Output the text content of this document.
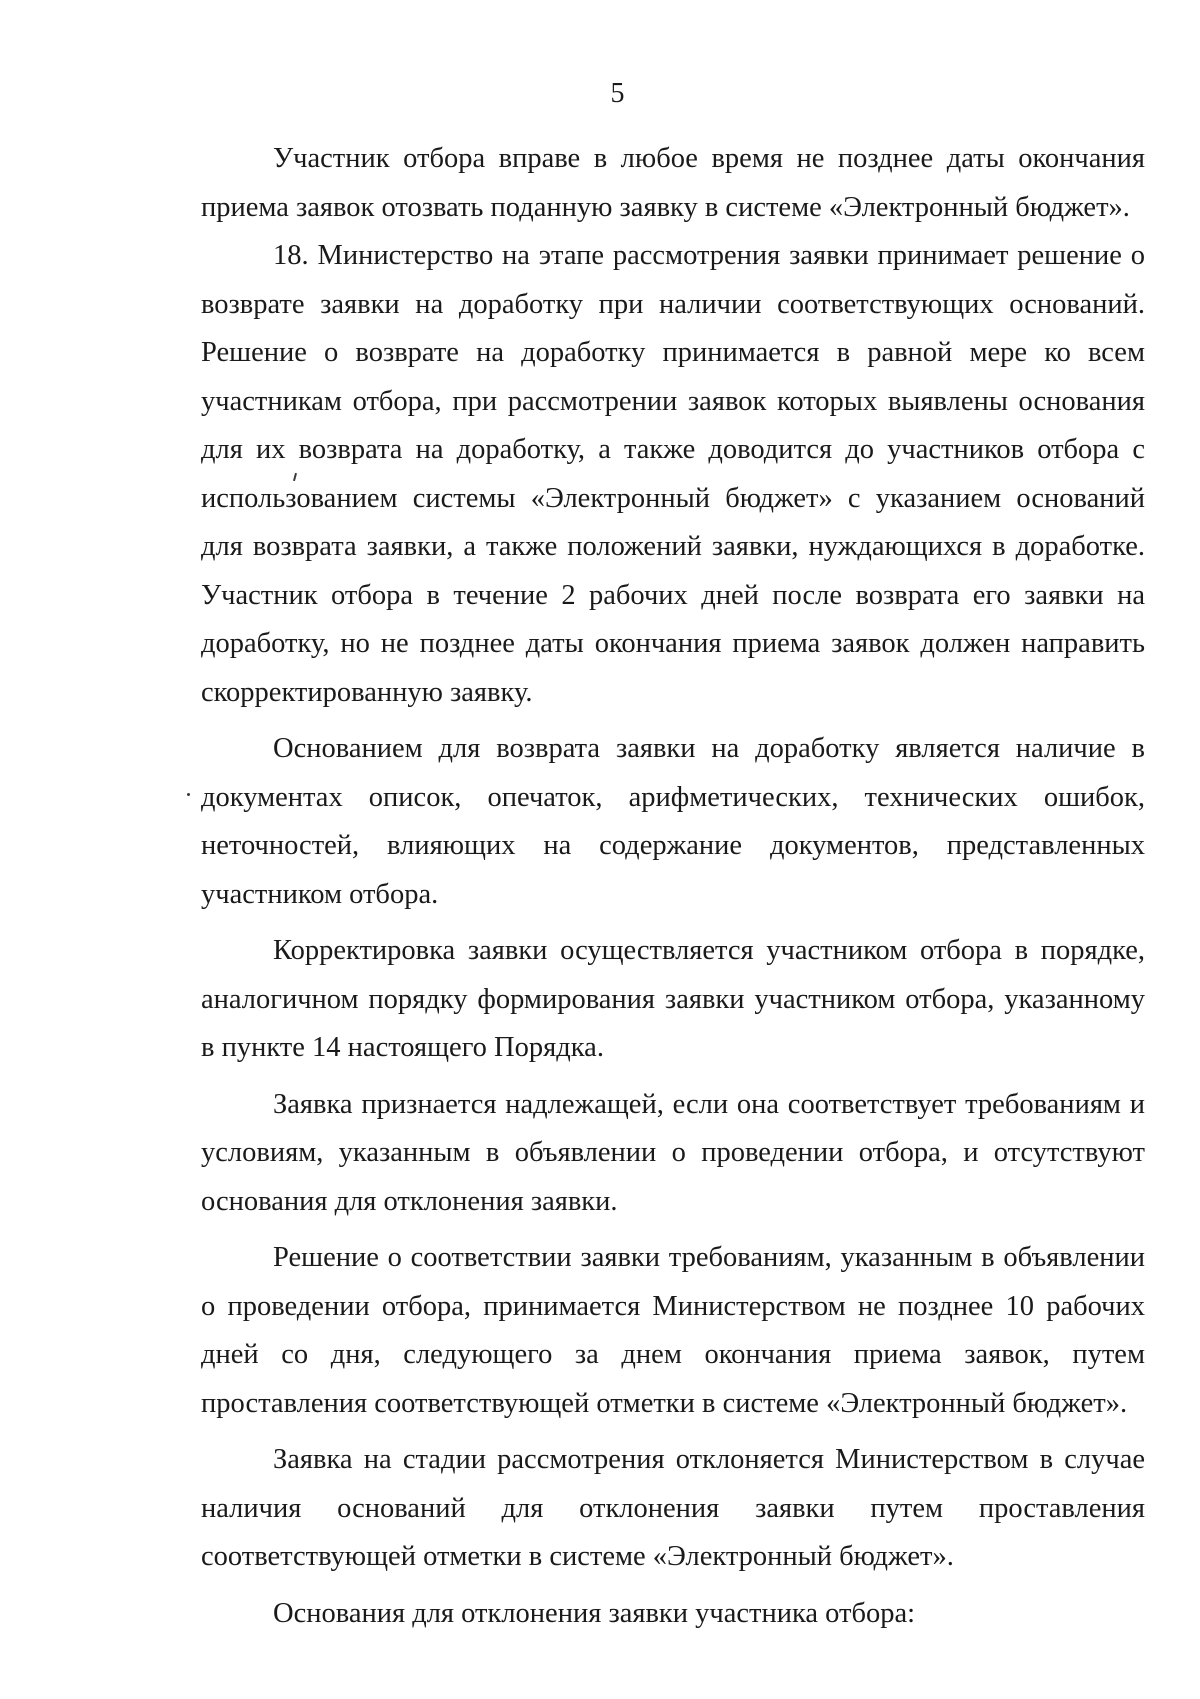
5

Участник отбора вправе в любое время не позднее даты окончания приема заявок отозвать поданную заявку в системе «Электронный бюджет».

18. Министерство на этапе рассмотрения заявки принимает решение о возврате заявки на доработку при наличии соответствующих оснований. Решение о возврате на доработку принимается в равной мере ко всем участникам отбора, при рассмотрении заявок которых выявлены основания для их возврата на доработку, а также доводится до участников отбора с использованием системы «Электронный бюджет» с указанием оснований для возврата заявки, а также положений заявки, нуждающихся в доработке. Участник отбора в течение 2 рабочих дней после возврата его заявки на доработку, но не позднее даты окончания приема заявок должен направить скорректированную заявку.

Основанием для возврата заявки на доработку является наличие в документах описок, опечаток, арифметических, технических ошибок, неточностей, влияющих на содержание документов, представленных участником отбора.

Корректировка заявки осуществляется участником отбора в порядке, аналогичном порядку формирования заявки участником отбора, указанному в пункте 14 настоящего Порядка.

Заявка признается надлежащей, если она соответствует требованиям и условиям, указанным в объявлении о проведении отбора, и отсутствуют основания для отклонения заявки.

Решение о соответствии заявки требованиям, указанным в объявлении о проведении отбора, принимается Министерством не позднее 10 рабочих дней со дня, следующего за днем окончания приема заявок, путем проставления соответствующей отметки в системе «Электронный бюджет».

Заявка на стадии рассмотрения отклоняется Министерством в случае наличия оснований для отклонения заявки путем проставления соответствующей отметки в системе «Электронный бюджет».

Основания для отклонения заявки участника отбора:
